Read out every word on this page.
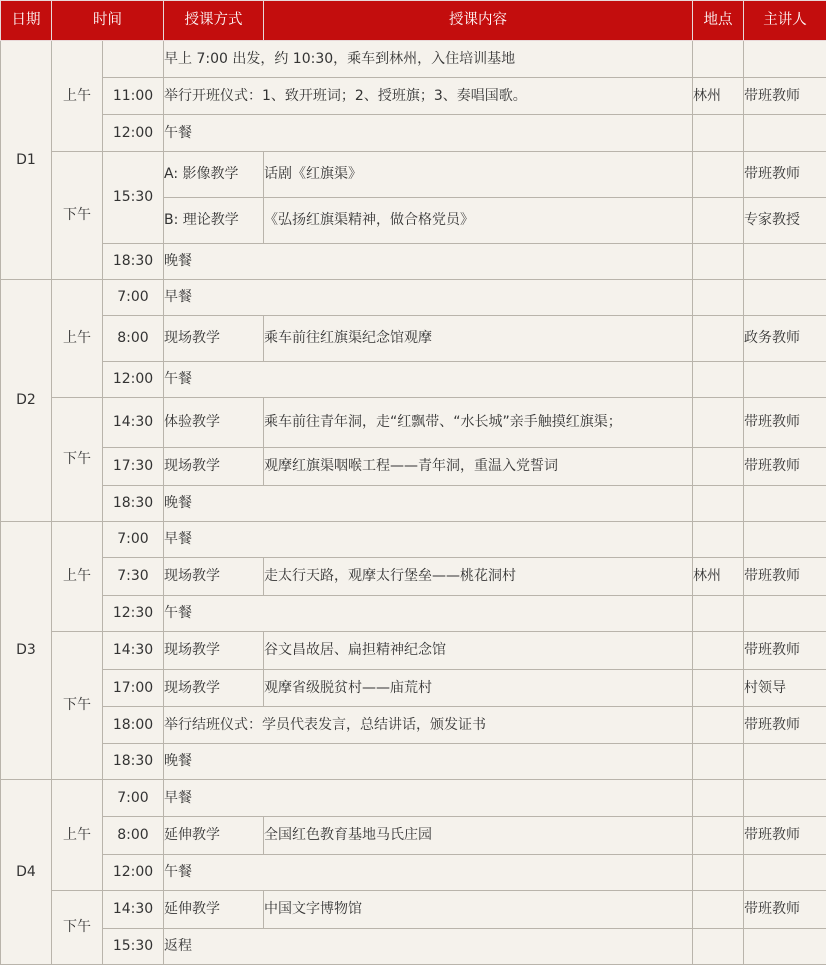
日期	时间		授课方式	授课内容	地点	主讲人
D1	上午		早上 7:00 出发，约 10:30，乘车到林州，入住培训基地			
		11:00	举行开班仪式：1、致开班词；2、授班旗；3、奏唱国歌。		林州	带班教师
		12:00	午餐			
	下午	15:30	A: 影像教学	话剧《红旗渠》		带班教师
			B: 理论教学	《弘扬红旗渠精神，做合格党员》		专家教授
		18:30	晚餐			
D2	上午	7:00	早餐			
		8:00	现场教学	乘车前往红旗渠纪念馆观摩		政务教师
		12:00	午餐			
	下午	14:30	体验教学	乘车前往青年洞，走“红飘带、“水长城”亲手触摸红旗渠；		带班教师
		17:30	现场教学	观摩红旗渠咽喉工程——青年洞，重温入党誓词		带班教师
		18:30	晚餐			
D3	上午	7:00	早餐			
		7:30	现场教学	走太行天路，观摩太行堡垒——桃花洞村	林州	带班教师
		12:30	午餐			
	下午	14:30	现场教学	谷文昌故居、扁担精神纪念馆		带班教师
		17:00	现场教学	观摩省级脱贫村——庙荒村		村领导
		18:00	举行结班仪式：学员代表发言，总结讲话，颁发证书			带班教师
		18:30	晚餐			
D4	上午	7:00	早餐			
		8:00	延伸教学	全国红色教育基地马氏庄园		带班教师
		12:00	午餐			
	下午	14:30	延伸教学	中国文字博物馆		带班教师
		15:30	返程			
